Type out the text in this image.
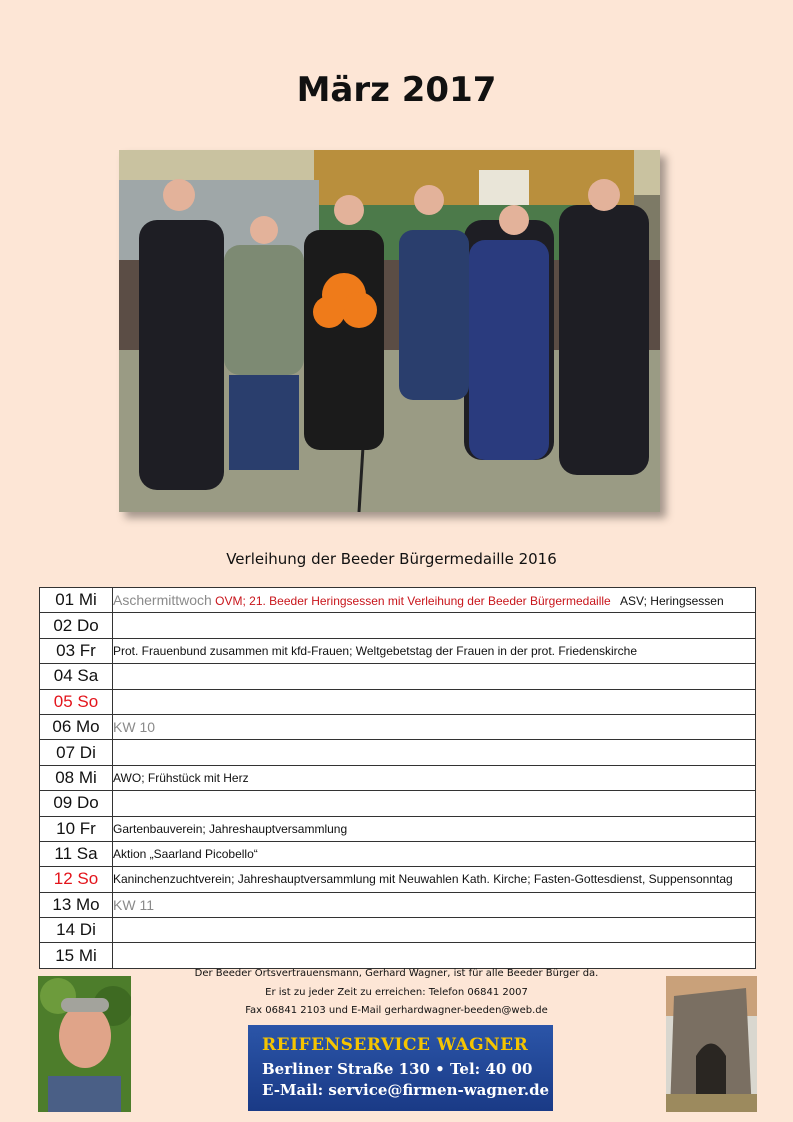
März 2017
Verleihung der Beeder Bürgermedaille 2016
01 Mi	Aschermittwoch OVM; 21. Beeder Heringsessen mit Verleihung der Beeder Bürgermedaille ASV; Heringsessen
02 Do	
03 Fr	Prot. Frauenbund zusammen mit kfd-Frauen; Weltgebetstag der Frauen in der prot. Friedenskirche
04 Sa	
05 So	
06 Mo	KW 10
07 Di	
08 Mi	AWO; Frühstück mit Herz
09 Do	
10 Fr	Gartenbauverein; Jahreshauptversammlung
11 Sa	Aktion „Saarland Picobello“
12 So	Kaninchenzuchtverein; Jahreshauptversammlung mit Neuwahlen Kath. Kirche; Fasten-Gottesdienst, Suppensonntag
13 Mo	KW 11
14 Di	
15 Mi	
Der Beeder Ortsvertrauensmann, Gerhard Wagner, ist für alle Beeder Bürger da.
Er ist zu jeder Zeit zu erreichen: Telefon 06841 2007
Fax 06841 2103 und E-Mail gerhardwagner-beeden@web.de
REIFENSERVICE WAGNER
Berliner Straße 130 • Tel: 40 00
E-Mail: service@firmen-wagner.de
